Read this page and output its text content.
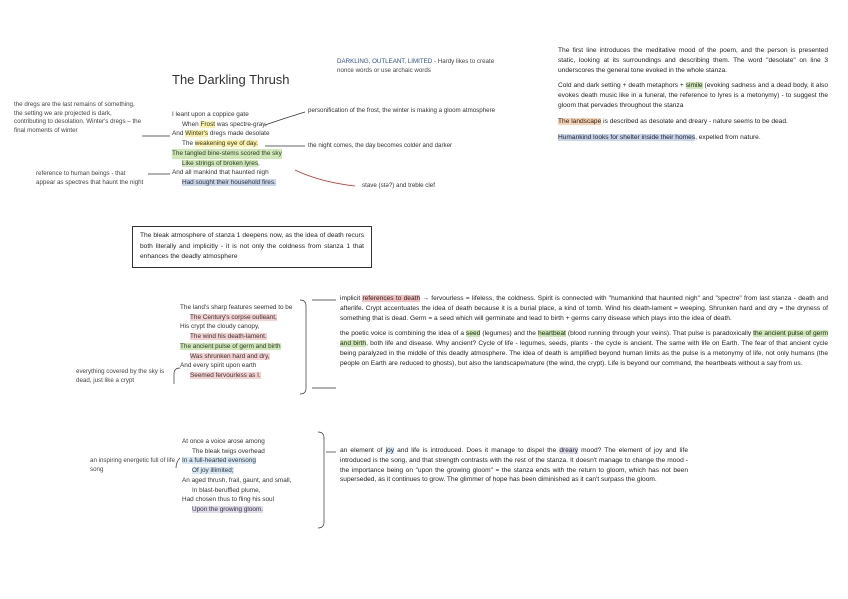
The Darkling Thrush
DARKLING, OUTLEANT, LIMITED - Hardy likes to create nonce words or use archaic words
I leant upon a coppice gate
When Frost was spectre-gray,
And Winter's dregs made desolate
The weakening eye of day.
The tangled bine-stems scored the sky
Like strings of broken lyres,
And all mankind that haunted nigh
Had sought their household fires.
the dregs are the last remains of something, the setting we are projected is dark, contributing to desolation. Winter's dregs – the final moments of winter
reference to human beings - that appear as spectres that haunt the night
personification of the frost, the winter is making a gloom atmosphere
the night comes, the day becomes colder and darker
stave (stə?) and treble clef

The first line introduces the meditative mood of the poem, and the person is presented static, looking at its surroundings and describing them. The word "desolate" on line 3 underscores the general tone evoked in the whole stanza.

Cold and dark setting + death metaphors + simile (evoking sadness and a dead body, it also evokes death music like in a funeral, the reference to lyres is a metonymy) - to suggest the gloom that pervades throughout the stanza

The landscape is described as desolate and dreary - nature seems to be dead.

Humankind looks for shelter inside their homes, expelled from nature.

The bleak atmosphere of stanza 1 deepens now, as the idea of death recurs both literally and implicitly - it is not only the coldness from stanza 1 that enhances the deadly atmosphere
The land's sharp features seemed to be
The Century's corpse outleant,
His crypt the cloudy canopy,
The wind his death-lament.
The ancient pulse of germ and birth
Was shrunken hard and dry,
And every spirit upon earth
Seemed fervourless as I.
everything covered by the sky is dead, just like a crypt

implicit references to death → fervourless = lifeless, the coldness. Spirit is connected with "humankind that haunted nigh" and "spectre" from last stanza - death and afterlife. Crypt accentuates the idea of death because it is a burial place, a kind of tomb. Wind his death-lament = weeping. Shrunken hard and dry = the dryness of something that is dead. Germ = a seed which will germinate and lead to birth + germs carry disease which plays into the idea of death.

the poetic voice is combining the idea of a seed (legumes) and the heartbeat (blood running through your veins). That pulse is paradoxically the ancient pulse of germ and birth, both life and disease. Why ancient? Cycle of life - legumes, seeds, plants - the cycle is ancient. The same with life on Earth. The fear of that ancient cycle being paralyzed in the middle of this deadly atmosphere. The idea of death is amplified beyond human limits as the pulse is a metonymy of life, not only humans (the people on Earth are reduced to ghosts), but also the landscape/nature (the wind, the crypt). Life is beyond our command, the heartbeats without a say from us.

an element of joy and life is introduced. Does it manage to dispel the dreary mood? The element of joy and life introduced is the song, and that strength contrasts with the rest of the stanza. It doesn't manage to change the mood - the importance being on "upon the growing gloom" = the stanza ends with the return to gloom, which has not been superseded, as it continues to grow. The glimmer of hope has been diminished as it can't surpass the gloom.

At once a voice arose among
The bleak twigs overhead
In a full-hearted evensong
Of joy illimited;
An aged thrush, frail, gaunt, and small,
In blast-beruffled plume,
Had chosen thus to fling his soul
Upon the growing gloom.
an inspiring energetic full of life song
